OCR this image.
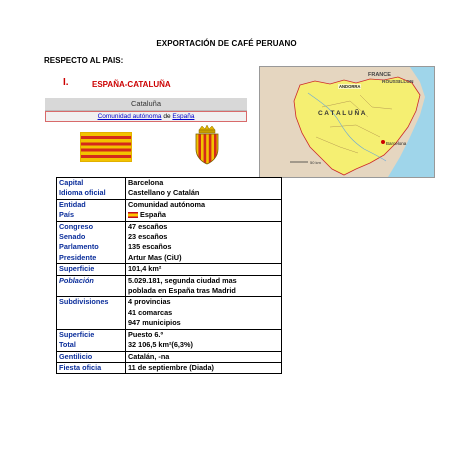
EXPORTACIÓN DE CAFÉ PERUANO
RESPECTO AL PAIS:
I.	ESPAÑA-CATALUÑA
Cataluña
Comunidad autónoma de España
FRANCE
ROUSSILLON
ANDORRA
C A T A L U Ñ A
Barcelona
50 km
Capital	Barcelona
Idioma oficial	Castellano y Catalán
Entidad	Comunidad autónoma
País	España
Congreso	47 escaños
Senado	23 escaños
Parlamento	135 escaños
Presidente	Artur Mas (CiU)
Superficie	101,4 km²
Población	5.029.181, segunda ciudad mas
	poblada en España tras Madrid
Subdivisiones	4 provincias
	41 comarcas
	947 municipios
Superficie	Puesto 6.º
Total	32 106,5 km²(6,3%)
Gentilicio	Catalán, -na
Fiesta oficia	11 de septiembre (Diada)
